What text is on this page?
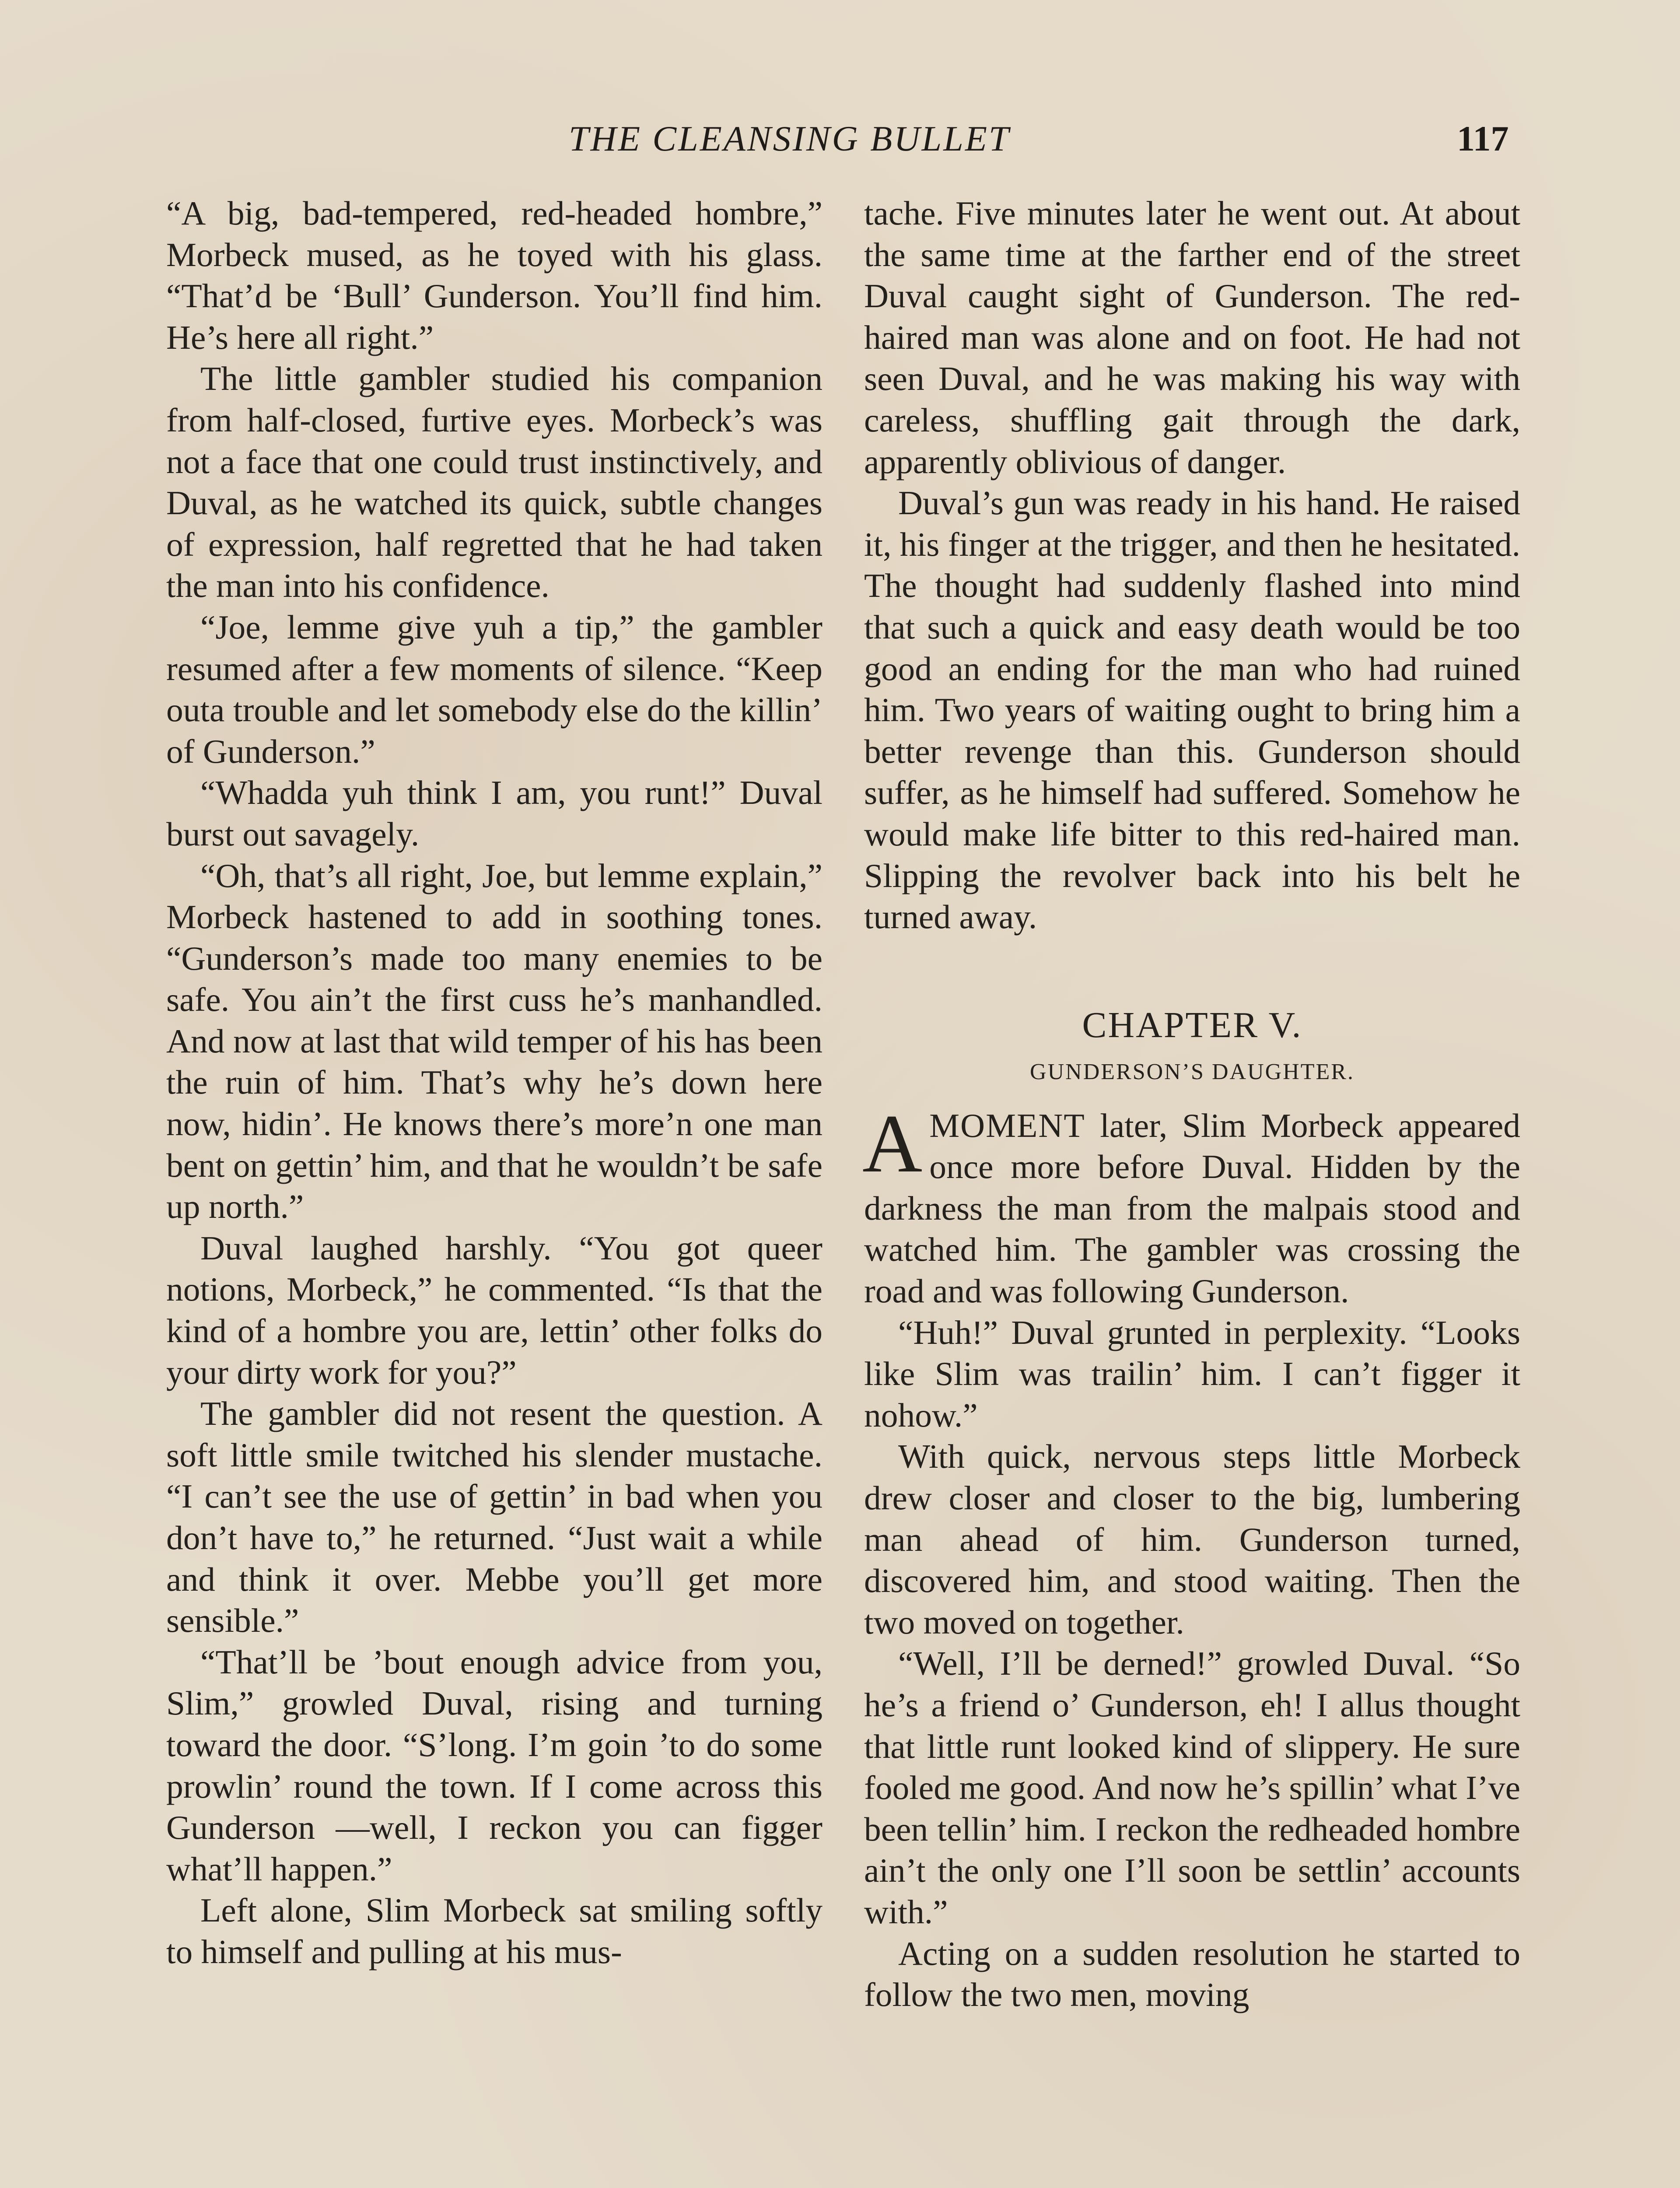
THE CLEANSING BULLET	117

“A big, bad-tempered, red-headed hombre,” Morbeck mused, as he toyed with his glass. “That’d be ‘Bull’ Gunderson. You’ll find him. He’s here all right.”

The little gambler studied his companion from half-closed, furtive eyes. Morbeck’s was not a face that one could trust instinctively, and Duval, as he watched its quick, subtle changes of expression, half regretted that he had taken the man into his confidence.

“Joe, lemme give yuh a tip,” the gambler resumed after a few moments of silence. “Keep outa trouble and let somebody else do the killin’ of Gunderson.”

“Whadda yuh think I am, you runt!” Duval burst out savagely.

“Oh, that’s all right, Joe, but lemme explain,” Morbeck hastened to add in soothing tones. “Gunderson’s made too many enemies to be safe. You ain’t the first cuss he’s manhandled. And now at last that wild temper of his has been the ruin of him. That’s why he’s down here now, hidin’. He knows there’s more’n one man bent on gettin’ him, and that he wouldn’t be safe up north.”

Duval laughed harshly. “You got queer notions, Morbeck,” he commented. “Is that the kind of a hombre you are, lettin’ other folks do your dirty work for you?”

The gambler did not resent the question. A soft little smile twitched his slender mustache. “I can’t see the use of gettin’ in bad when you don’t have to,” he returned. “Just wait a while and think it over. Mebbe you’ll get more sensible.”

“That’ll be ’bout enough advice from you, Slim,” growled Duval, rising and turning toward the door. “S’long. I’m goin ’to do some prowlin’ round the town. If I come across this Gunderson —well, I reckon you can figger what’ll happen.”

Left alone, Slim Morbeck sat smiling softly to himself and pulling at his mus-

tache. Five minutes later he went out. At about the same time at the farther end of the street Duval caught sight of Gunderson. The red-haired man was alone and on foot. He had not seen Duval, and he was making his way with careless, shuffling gait through the dark, apparently oblivious of danger.

Duval’s gun was ready in his hand. He raised it, his finger at the trigger, and then he hesitated. The thought had suddenly flashed into mind that such a quick and easy death would be too good an ending for the man who had ruined him. Two years of waiting ought to bring him a better revenge than this. Gunderson should suffer, as he himself had suffered. Somehow he would make life bitter to this red-haired man. Slipping the revolver back into his belt he turned away.

CHAPTER V.
GUNDERSON’S DAUGHTER.

AMOMENT later, Slim Morbeck appeared once more before Duval. Hidden by the darkness the man from the malpais stood and watched him. The gambler was crossing the road and was following Gunderson.

“Huh!” Duval grunted in perplexity. “Looks like Slim was trailin’ him. I can’t figger it nohow.”

With quick, nervous steps little Morbeck drew closer and closer to the big, lumbering man ahead of him. Gunderson turned, discovered him, and stood waiting. Then the two moved on together.

“Well, I’ll be derned!” growled Duval. “So he’s a friend o’ Gunderson, eh! I allus thought that little runt looked kind of slippery. He sure fooled me good. And now he’s spillin’ what I’ve been tellin’ him. I reckon the redheaded hombre ain’t the only one I’ll soon be settlin’ accounts with.”

Acting on a sudden resolution he started to follow the two men, moving
